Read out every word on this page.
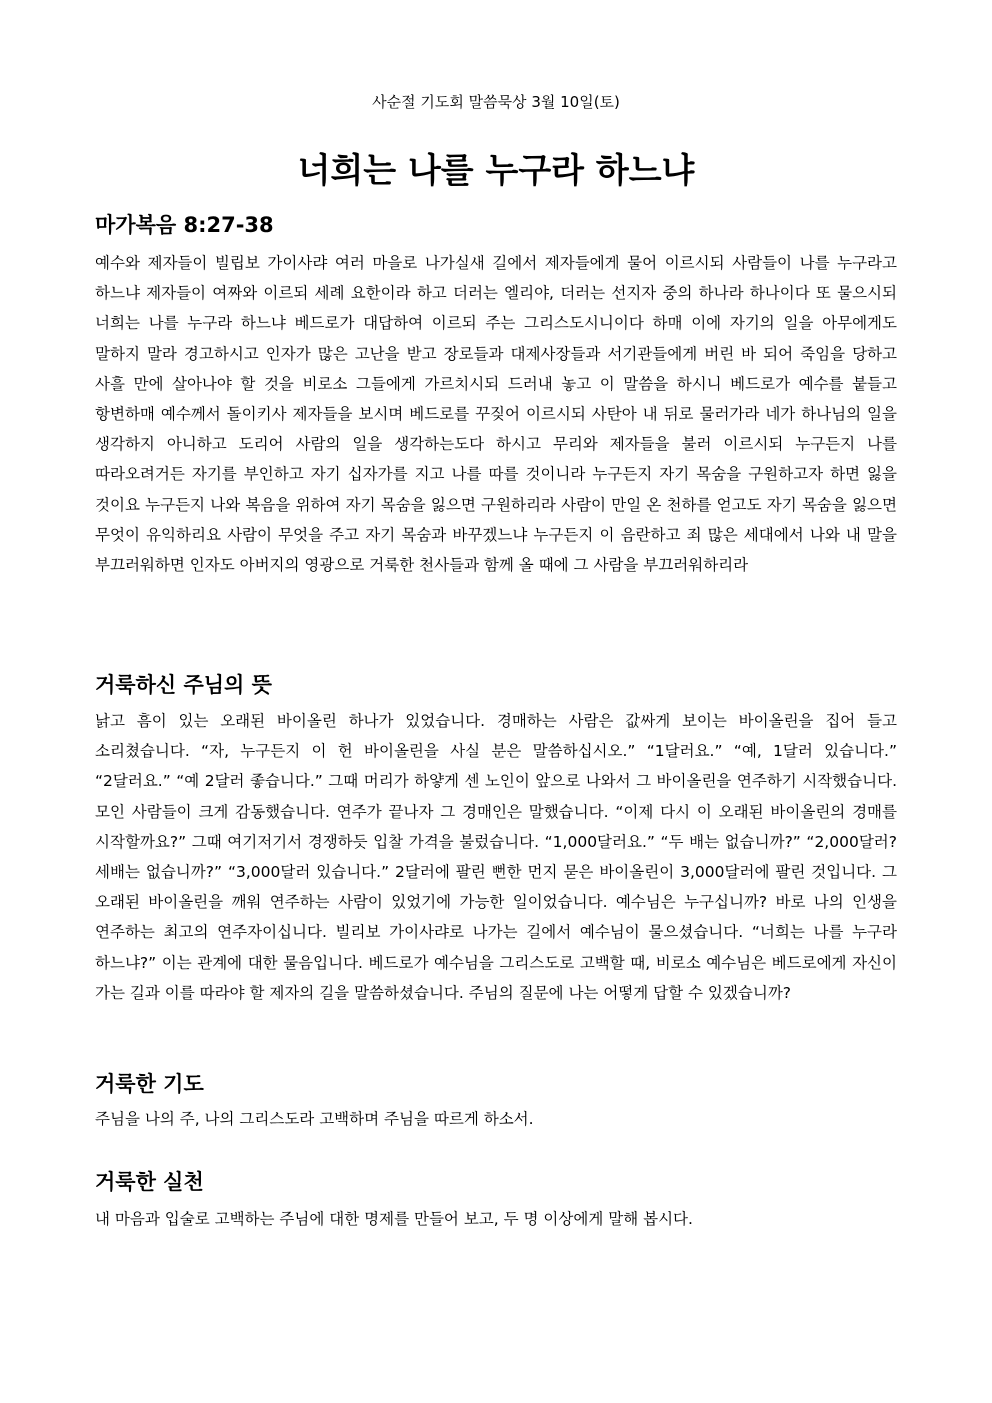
사순절 기도회 말씀묵상 3월 10일(토)
너희는 나를 누구라 하느냐
마가복음 8:27-38
예수와 제자들이 빌립보 가이사랴 여러 마을로 나가실새 길에서 제자들에게 물어 이르시되 사람들이 나를 누구라고 하느냐 제자들이 여짜와 이르되 세례 요한이라 하고 더러는 엘리야, 더러는 선지자 중의 하나라 하나이다 또 물으시되 너희는 나를 누구라 하느냐 베드로가 대답하여 이르되 주는 그리스도시니이다 하매 이에 자기의 일을 아무에게도 말하지 말라 경고하시고 인자가 많은 고난을 받고 장로들과 대제사장들과 서기관들에게 버린 바 되어 죽임을 당하고 사흘 만에 살아나야 할 것을 비로소 그들에게 가르치시되 드러내 놓고 이 말씀을 하시니 베드로가 예수를 붙들고 항변하매 예수께서 돌이키사 제자들을 보시며 베드로를 꾸짖어 이르시되 사탄아 내 뒤로 물러가라 네가 하나님의 일을 생각하지 아니하고 도리어 사람의 일을 생각하는도다 하시고 무리와 제자들을 불러 이르시되 누구든지 나를 따라오려거든 자기를 부인하고 자기 십자가를 지고 나를 따를 것이니라 누구든지 자기 목숨을 구원하고자 하면 잃을 것이요 누구든지 나와 복음을 위하여 자기 목숨을 잃으면 구원하리라 사람이 만일 온 천하를 얻고도 자기 목숨을 잃으면 무엇이 유익하리요 사람이 무엇을 주고 자기 목숨과 바꾸겠느냐 누구든지 이 음란하고 죄 많은 세대에서 나와 내 말을 부끄러워하면 인자도 아버지의 영광으로 거룩한 천사들과 함께 올 때에 그 사람을 부끄러워하리라
거룩하신 주님의 뜻
낡고 흠이 있는 오래된 바이올린 하나가 있었습니다. 경매하는 사람은 값싸게 보이는 바이올린을 집어 들고 소리쳤습니다. “자, 누구든지 이 헌 바이올린을 사실 분은 말씀하십시오.” “1달러요.” “예, 1달러 있습니다.” “2달러요.” “예 2달러 좋습니다.” 그때 머리가 하얗게 센 노인이 앞으로 나와서 그 바이올린을 연주하기 시작했습니다. 모인 사람들이 크게 감동했습니다. 연주가 끝나자 그 경매인은 말했습니다. “이제 다시 이 오래된 바이올린의 경매를 시작할까요?” 그때 여기저기서 경쟁하듯 입찰 가격을 불렀습니다. “1,000달러요.” “두 배는 없습니까?” “2,000달러? 세배는 없습니까?” “3,000달러 있습니다.” 2달러에 팔린 뻔한 먼지 묻은 바이올린이 3,000달러에 팔린 것입니다. 그 오래된 바이올린을 깨워 연주하는 사람이 있었기에 가능한 일이었습니다. 예수님은 누구십니까? 바로 나의 인생을 연주하는 최고의 연주자이십니다. 빌리보 가이사랴로 나가는 길에서 예수님이 물으셨습니다. “너희는 나를 누구라 하느냐?” 이는 관계에 대한 물음입니다. 베드로가 예수님을 그리스도로 고백할 때, 비로소 예수님은 베드로에게 자신이 가는 길과 이를 따라야 할 제자의 길을 말씀하셨습니다. 주님의 질문에 나는 어떻게 답할 수 있겠습니까?
거룩한 기도
주님을 나의 주, 나의 그리스도라 고백하며 주님을 따르게 하소서.
거룩한 실천
내 마음과 입술로 고백하는 주님에 대한 명제를 만들어 보고, 두 명 이상에게 말해 봅시다.
